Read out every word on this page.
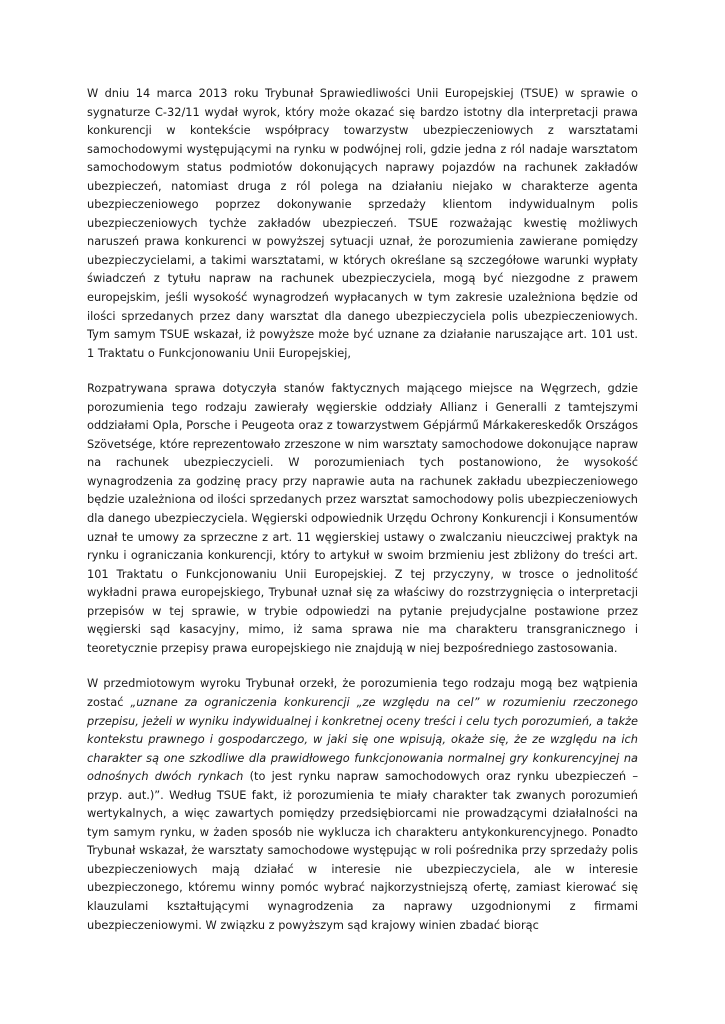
W dniu 14 marca 2013 roku Trybunał Sprawiedliwości Unii Europejskiej (TSUE) w sprawie o sygnaturze C-32/11 wydał wyrok, który może okazać się bardzo istotny dla interpretacji prawa konkurencji w kontekście współpracy towarzystw ubezpieczeniowych z warsztatami samochodowymi występującymi na rynku w podwójnej roli, gdzie jedna z ról nadaje warsztatom samochodowym status podmiotów dokonujących naprawy pojazdów na rachunek zakładów ubezpieczeń, natomiast druga z ról polega na działaniu niejako w charakterze agenta ubezpieczeniowego poprzez dokonywanie sprzedaży klientom indywidualnym polis ubezpieczeniowych tychże zakładów ubezpieczeń. TSUE rozważając kwestię możliwych naruszeń prawa konkurenci w powyższej sytuacji uznał, że porozumienia zawierane pomiędzy ubezpieczycielami, a takimi warsztatami, w których określane są szczegółowe warunki wypłaty świadczeń z tytułu napraw na rachunek ubezpieczyciela, mogą być niezgodne z prawem europejskim, jeśli wysokość wynagrodzeń wypłacanych w tym zakresie uzależniona będzie od ilości sprzedanych przez dany warsztat dla danego ubezpieczyciela polis ubezpieczeniowych. Tym samym TSUE wskazał, iż powyższe może być uznane za działanie naruszające art. 101 ust. 1 Traktatu o Funkcjonowaniu Unii Europejskiej,

Rozpatrywana sprawa dotyczyła stanów faktycznych mającego miejsce na Węgrzech, gdzie porozumienia tego rodzaju zawierały węgierskie oddziały Allianz i Generalli z tamtejszymi oddziałami Opla, Porsche i Peugeota oraz z towarzystwem Gépjármű Márkakereskedők Országos Szövetsége, które reprezentowało zrzeszone w nim warsztaty samochodowe dokonujące napraw na rachunek ubezpieczycieli. W porozumieniach tych postanowiono, że wysokość wynagrodzenia za godzinę pracy przy naprawie auta na rachunek zakładu ubezpieczeniowego będzie uzależniona od ilości sprzedanych przez warsztat samochodowy polis ubezpieczeniowych dla danego ubezpieczyciela. Węgierski odpowiednik Urzędu Ochrony Konkurencji i Konsumentów uznał te umowy za sprzeczne z art. 11 węgierskiej ustawy o zwalczaniu nieuczciwej praktyk na rynku i ograniczania konkurencji, który to artykuł w swoim brzmieniu jest zbliżony do treści art. 101 Traktatu o Funkcjonowaniu Unii Europejskiej. Z tej przyczyny, w trosce o jednolitość wykładni prawa europejskiego, Trybunał uznał się za właściwy do rozstrzygnięcia o interpretacji przepisów w tej sprawie, w trybie odpowiedzi na pytanie prejudycjalne postawione przez węgierski sąd kasacyjny, mimo, iż sama sprawa nie ma charakteru transgranicznego i teoretycznie przepisy prawa europejskiego nie znajdują w niej bezpośredniego zastosowania.

W przedmiotowym wyroku Trybunał orzekł, że porozumienia tego rodzaju mogą bez wątpienia zostać „uznane za ograniczenia konkurencji „ze względu na cel” w rozumieniu rzeczonego przepisu, jeżeli w wyniku indywidualnej i konkretnej oceny treści i celu tych porozumień, a także kontekstu prawnego i gospodarczego, w jaki się one wpisują, okaże się, że ze względu na ich charakter są one szkodliwe dla prawidłowego funkcjonowania normalnej gry konkurencyjnej na odnośnych dwóch rynkach (to jest rynku napraw samochodowych oraz rynku ubezpieczeń – przyp. aut.)”. Według TSUE fakt, iż porozumienia te miały charakter tak zwanych porozumień wertykalnych, a więc zawartych pomiędzy przedsiębiorcami nie prowadzącymi działalności na tym samym rynku, w żaden sposób nie wyklucza ich charakteru antykonkurencyjnego. Ponadto Trybunał wskazał, że warsztaty samochodowe występując w roli pośrednika przy sprzedaży polis ubezpieczeniowych mają działać w interesie nie ubezpieczyciela, ale w interesie ubezpieczonego, któremu winny pomóc wybrać najkorzystniejszą ofertę, zamiast kierować się klauzulami kształtującymi wynagrodzenia za naprawy uzgodnionymi z firmami ubezpieczeniowymi. W związku z powyższym sąd krajowy winien zbadać biorąc
